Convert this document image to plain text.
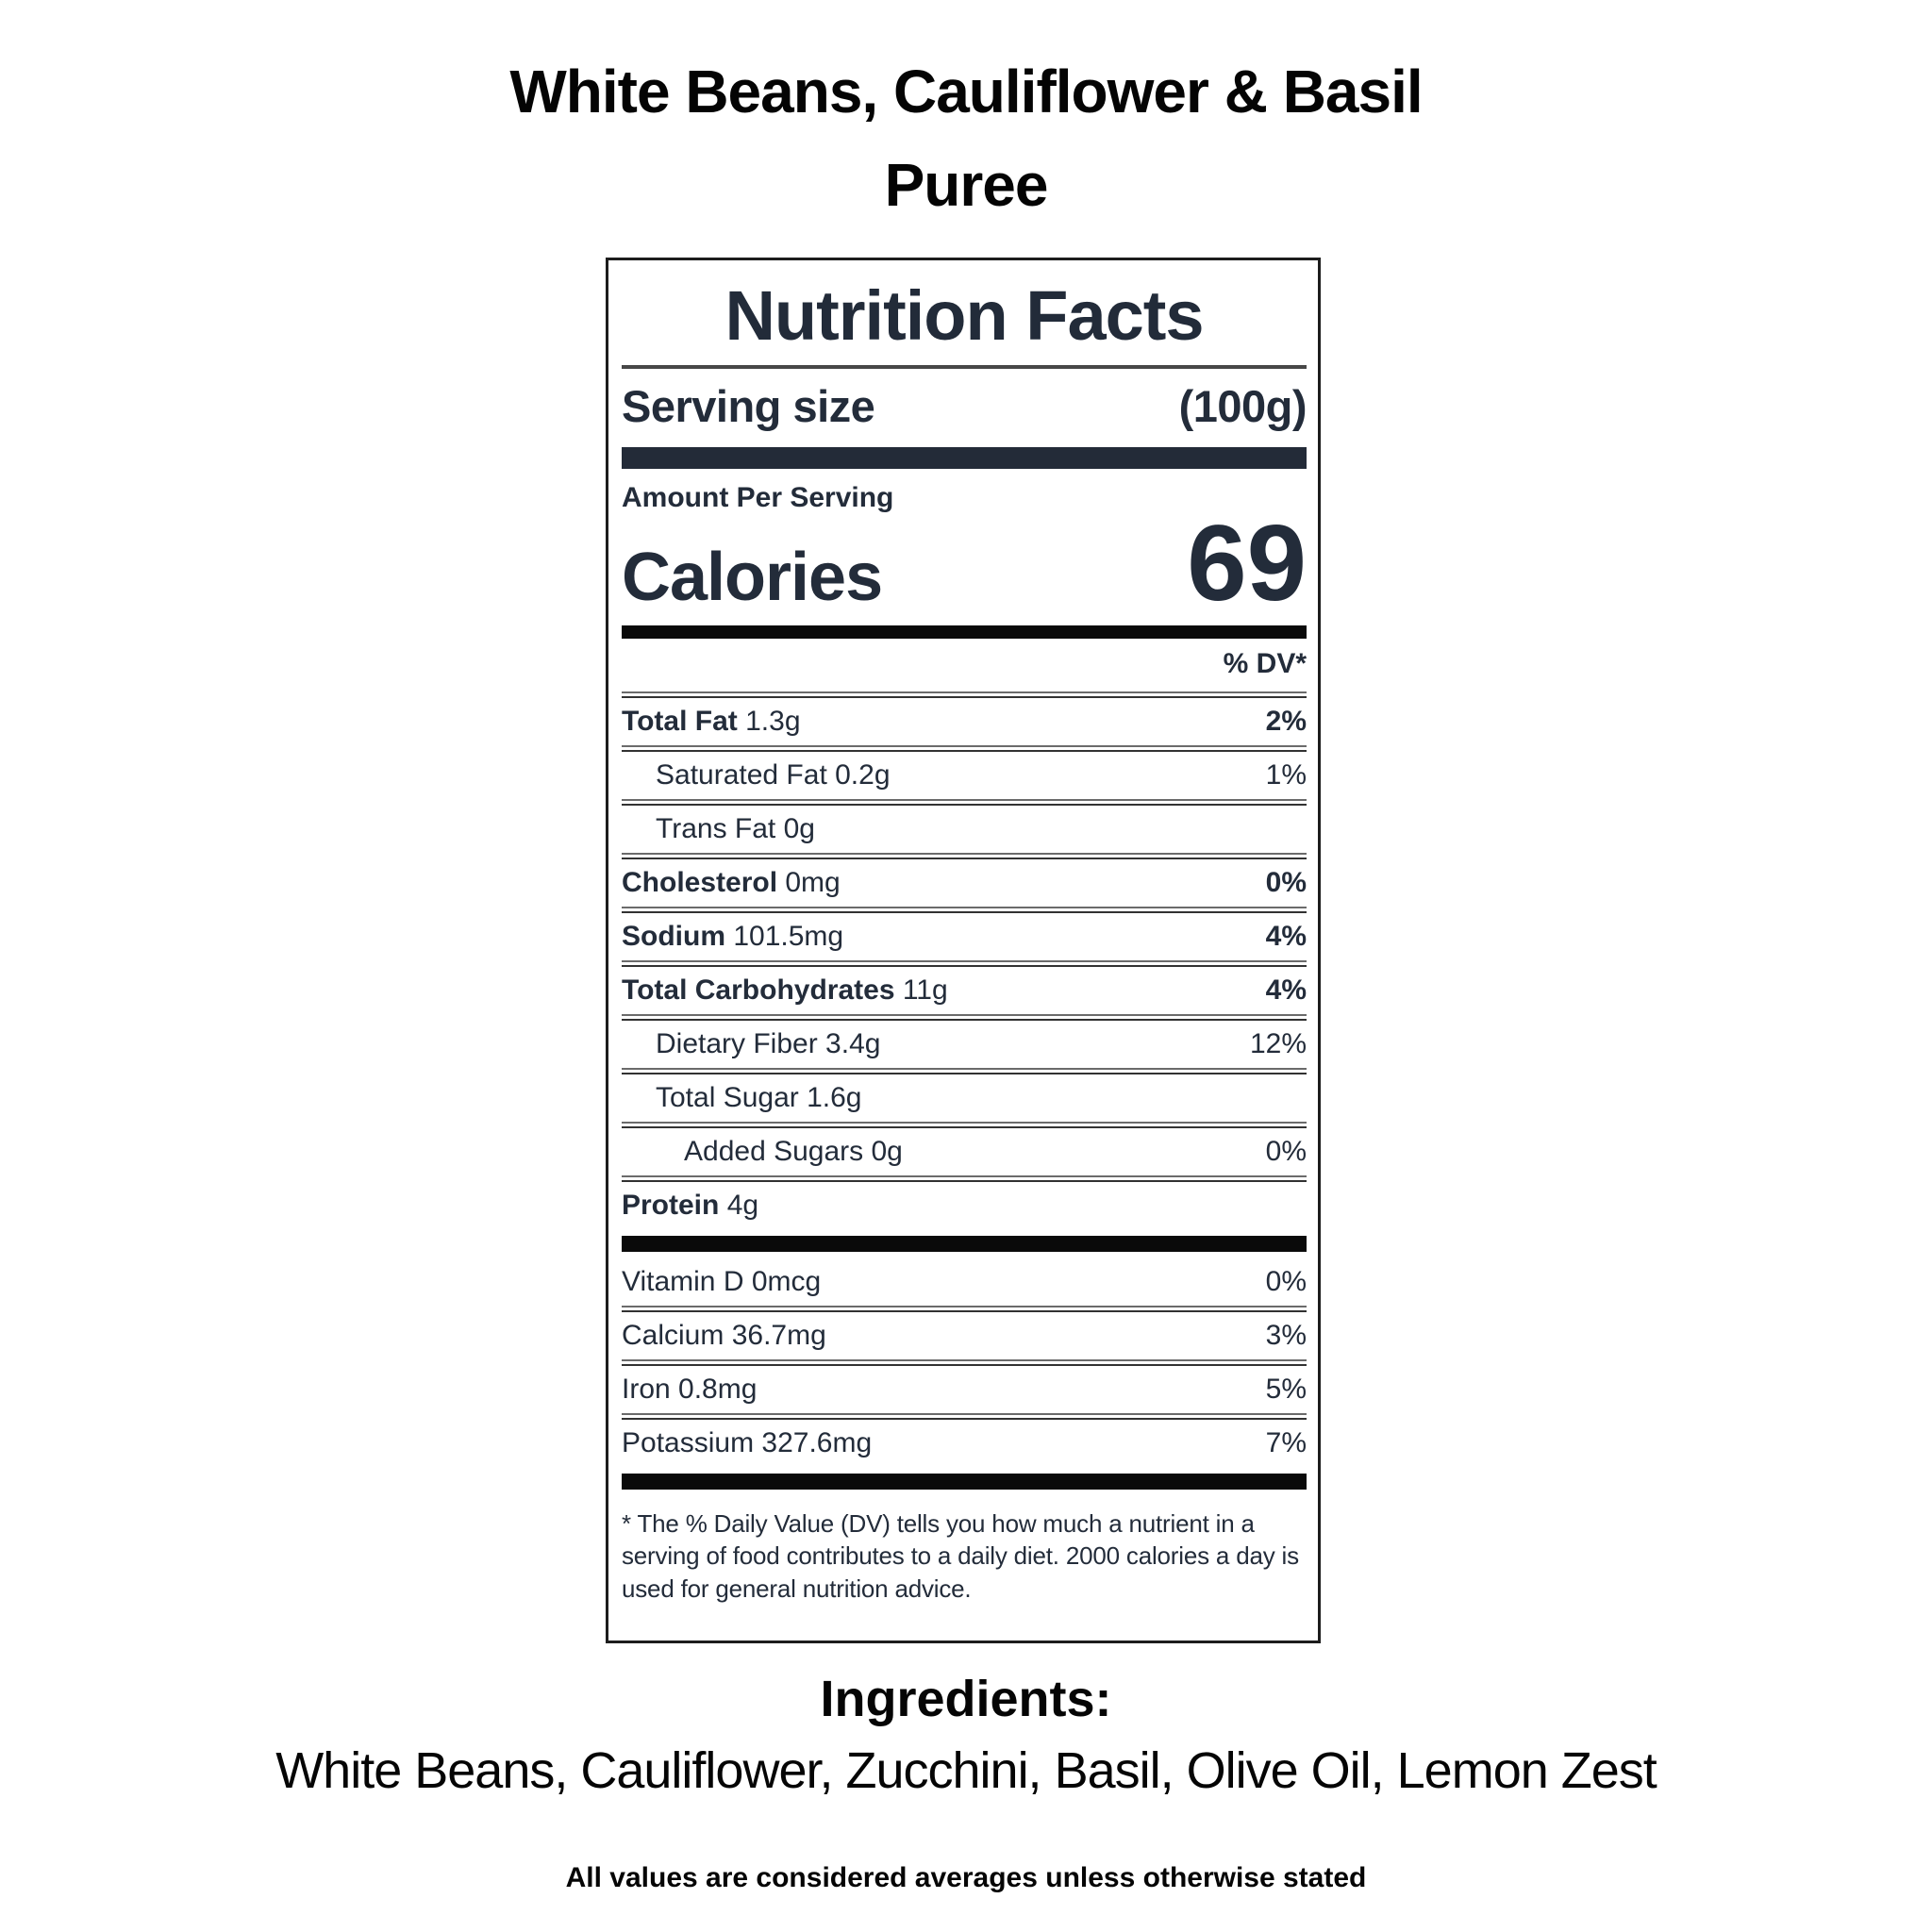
White Beans, Cauliflower & Basil
Puree
Nutrition Facts
Serving size	(100g)
Amount Per Serving
Calories	69
% DV*
Total Fat 1.3g	2%
Saturated Fat 0.2g	1%
Trans Fat 0g
Cholesterol 0mg	0%
Sodium 101.5mg	4%
Total Carbohydrates 11g	4%
Dietary Fiber 3.4g	12%
Total Sugar 1.6g
Added Sugars 0g	0%
Protein 4g
Vitamin D 0mcg	0%
Calcium 36.7mg	3%
Iron 0.8mg	5%
Potassium 327.6mg	7%
* The % Daily Value (DV) tells you how much a nutrient in a serving of food contributes to a daily diet. 2000 calories a day is used for general nutrition advice.
Ingredients:
White Beans, Cauliflower, Zucchini, Basil, Olive Oil, Lemon Zest
All values are considered averages unless otherwise stated
